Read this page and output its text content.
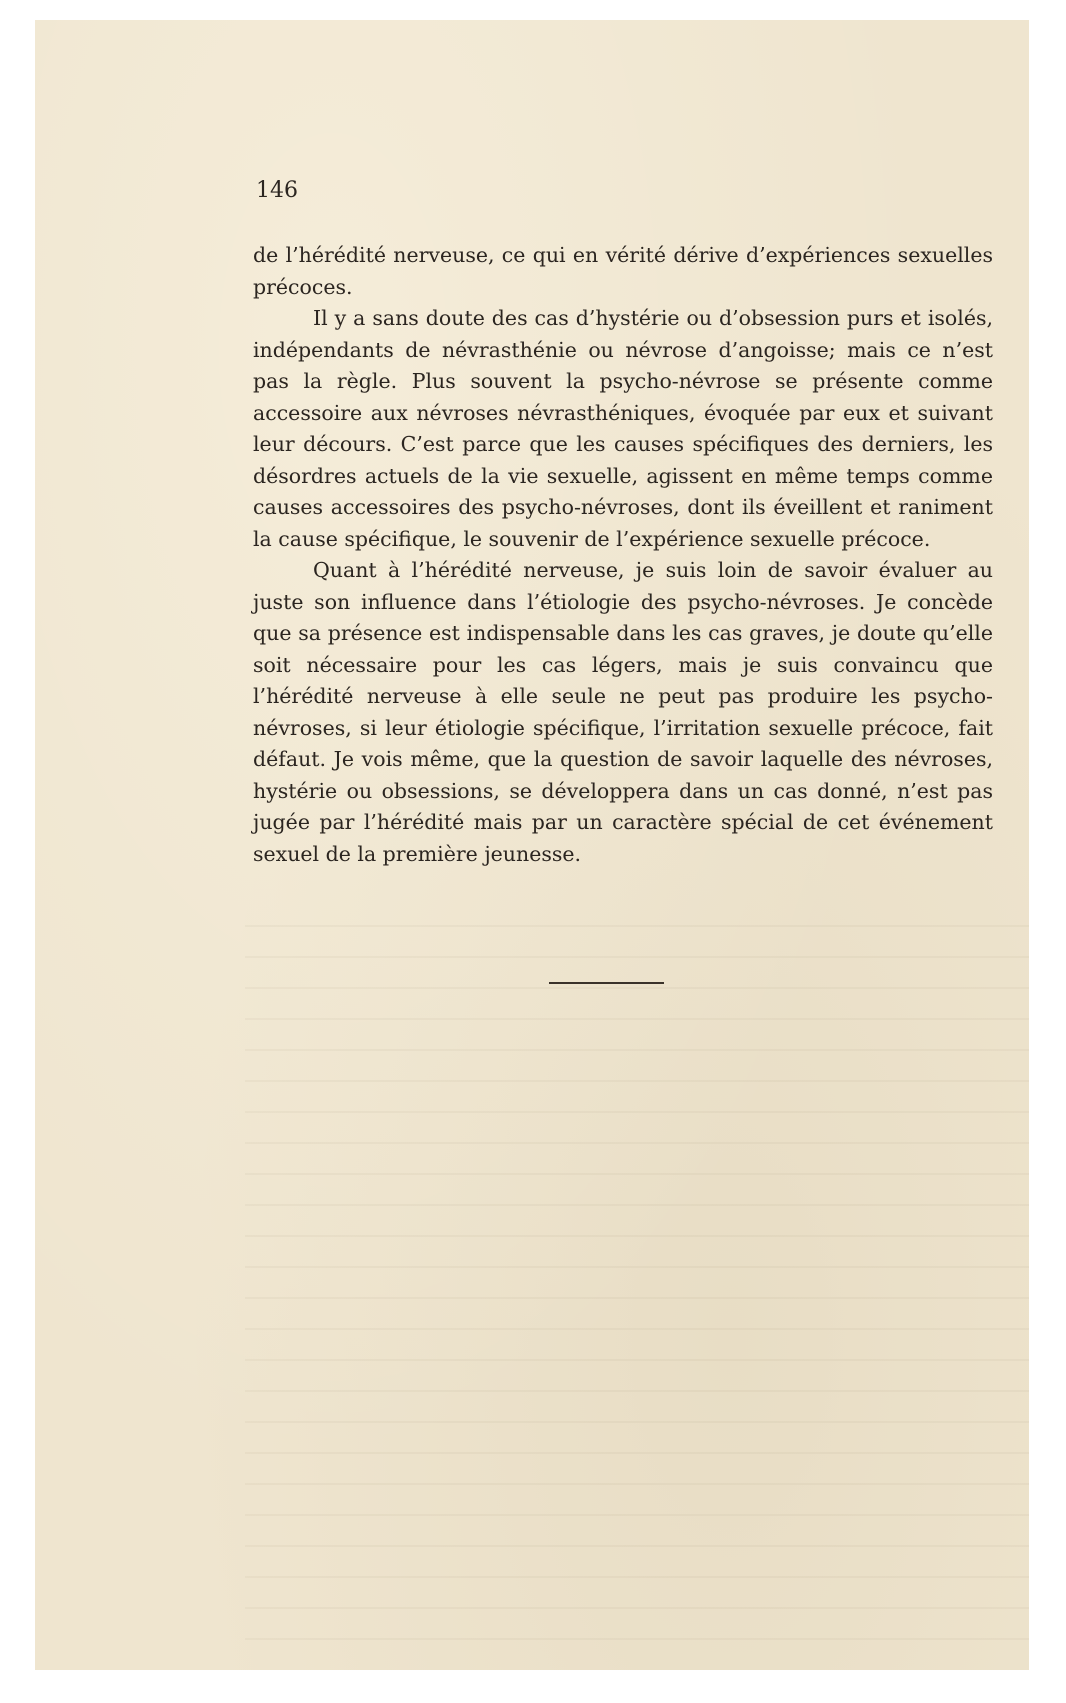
146

de l’hérédité nerveuse, ce qui en vérité dérive d’expériences sexuelles précoces.

Il y a sans doute des cas d’hystérie ou d’obsession purs et isolés, indépendants de névrasthénie ou névrose d’angoisse; mais ce n’est pas la règle. Plus souvent la psycho-névrose se présente comme accessoire aux névroses névrasthéniques, évoquée par eux et suivant leur décours. C’est parce que les causes spécifiques des derniers, les désordres actuels de la vie sexuelle, agissent en même temps comme causes accessoires des psycho-névroses, dont ils éveillent et raniment la cause spécifique, le souvenir de l’expérience sexuelle précoce.

Quant à l’hérédité nerveuse, je suis loin de savoir évaluer au juste son influence dans l’étiologie des psycho-névroses. Je concède que sa présence est indispensable dans les cas graves, je doute qu’elle soit nécessaire pour les cas légers, mais je suis convaincu que l’hérédité nerveuse à elle seule ne peut pas produire les psycho-névroses, si leur étiologie spécifique, l’irritation sexuelle précoce, fait défaut. Je vois même, que la question de savoir laquelle des névroses, hystérie ou obsessions, se développera dans un cas donné, n’est pas jugée par l’hérédité mais par un caractère spécial de cet événement sexuel de la première jeunesse.
